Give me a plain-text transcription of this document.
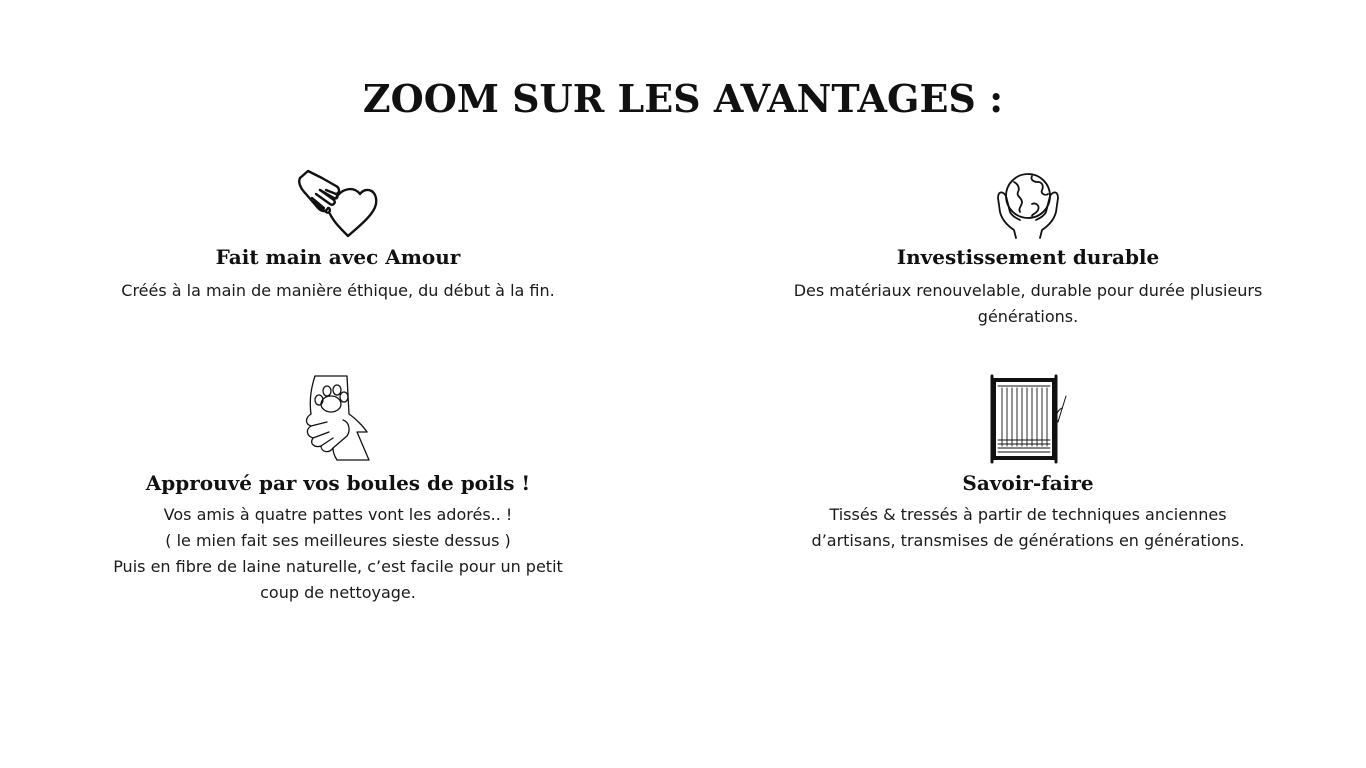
ZOOM SUR LES AVANTAGES :
Fait main avec Amour

Créés à la main de manière éthique, du début à la fin.

Investissement durable

Des matériaux renouvelable, durable pour durée plusieurs
générations.

Approuvé par vos boules de poils !

Vos amis à quatre pattes vont les adorés.. !
( le mien fait ses meilleures sieste dessus )
Puis en fibre de laine naturelle, c’est facile pour un petit
coup de nettoyage.

Savoir-faire

Tissés & tressés à partir de techniques anciennes
d’artisans, transmises de générations en générations.
